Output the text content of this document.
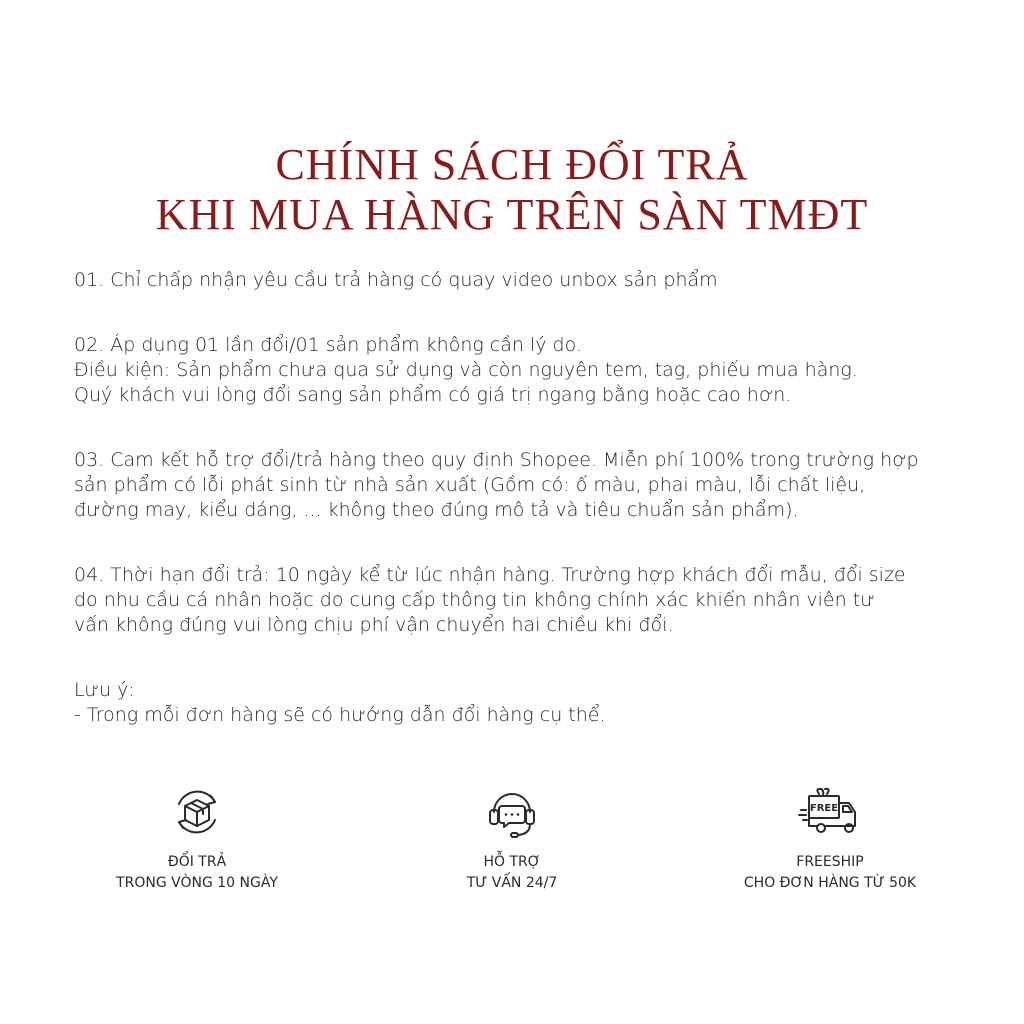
CHÍNH SÁCH ĐỔI TRẢ
KHI MUA HÀNG TRÊN SÀN TMĐT
01. Chỉ chấp nhận yêu cầu trả hàng có quay video unbox sản phẩm
02. Áp dụng 01 lần đổi/01 sản phẩm không cần lý do.
Điều kiện: Sản phẩm chưa qua sử dụng và còn nguyên tem, tag, phiếu mua hàng.
Quý khách vui lòng đổi sang sản phẩm có giá trị ngang bằng hoặc cao hơn.
03. Cam kết hỗ trợ đổi/trả hàng theo quy định Shopee. Miễn phí 100% trong trường hợp
sản phẩm có lỗi phát sinh từ nhà sản xuất (Gồm có: ố màu, phai màu, lỗi chất liệu,
đường may, kiểu dáng, ... không theo đúng mô tả và tiêu chuẩn sản phẩm).
04. Thời hạn đổi trả: 10 ngày kể từ lúc nhận hàng. Trường hợp khách đổi mẫu, đổi size
do nhu cầu cá nhân hoặc do cung cấp thông tin không chính xác khiến nhân viên tư
vấn không đúng vui lòng chịu phí vận chuyển hai chiều khi đổi.
Lưu ý:
- Trong mỗi đơn hàng sẽ có hướng dẫn đổi hàng cụ thể.
ĐỔI TRẢ
TRONG VÒNG 10 NGÀY
HỖ TRỢ
TƯ VẤN 24/7
FREE
FREESHIP
CHO ĐƠN HÀNG TỪ 50K
